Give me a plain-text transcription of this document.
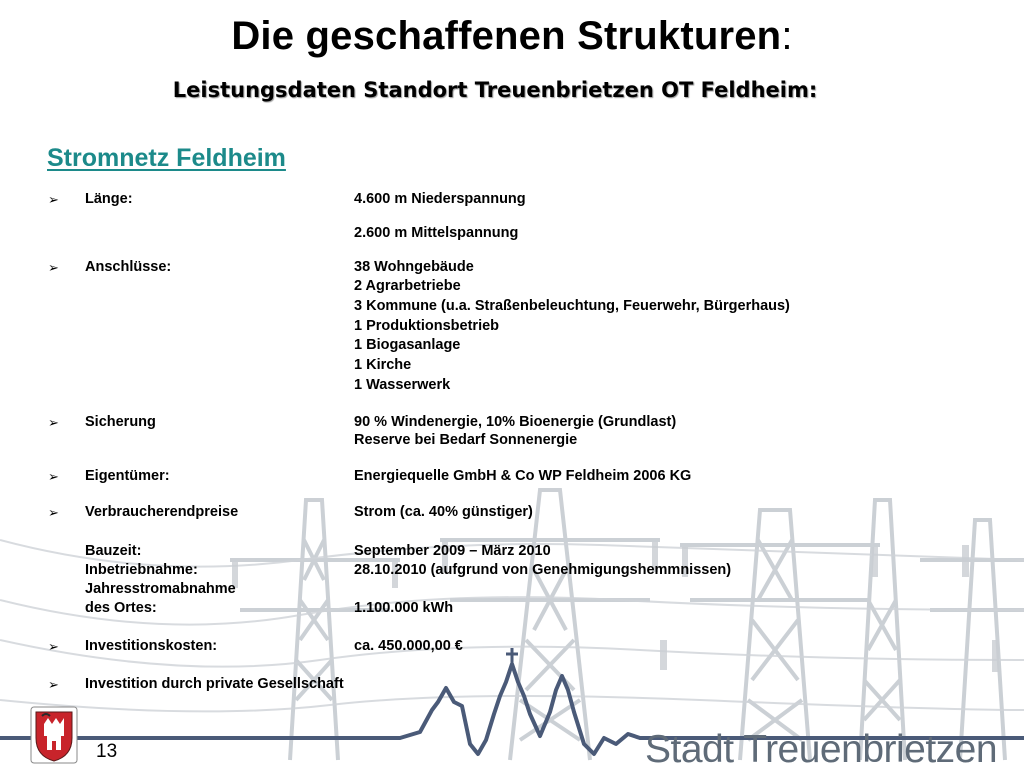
Die geschaffenen Strukturen:
Leistungsdaten Standort Treuenbrietzen OT Feldheim:
Stromnetz Feldheim
➢ Länge:	4.600 m Niederspannung
2.600 m Mittelspannung
➢ Anschlüsse:	38 Wohngebäude
2 Agrarbetriebe
3 Kommune (u.a. Straßenbeleuchtung, Feuerwehr, Bürgerhaus)
1 Produktionsbetrieb
1 Biogasanlage
1 Kirche
1 Wasserwerk
➢ Sicherung	90 % Windenergie, 10% Bioenergie (Grundlast)
Reserve bei Bedarf Sonnenergie
➢ Eigentümer:	Energiequelle GmbH & Co WP Feldheim 2006 KG
➢ Verbraucherendpreise	Strom (ca. 40% günstiger)
Bauzeit:	September 2009 – März 2010
Inbetriebnahme:	28.10.2010 (aufgrund von Genehmigungshemmnissen)
Jahresstromabnahme
des Ortes:	1.100.000 kWh
➢ Investitionskosten:	ca. 450.000,00 €
➢ Investition durch private Gesellschaft
13	Stadt Treuenbrietzen
